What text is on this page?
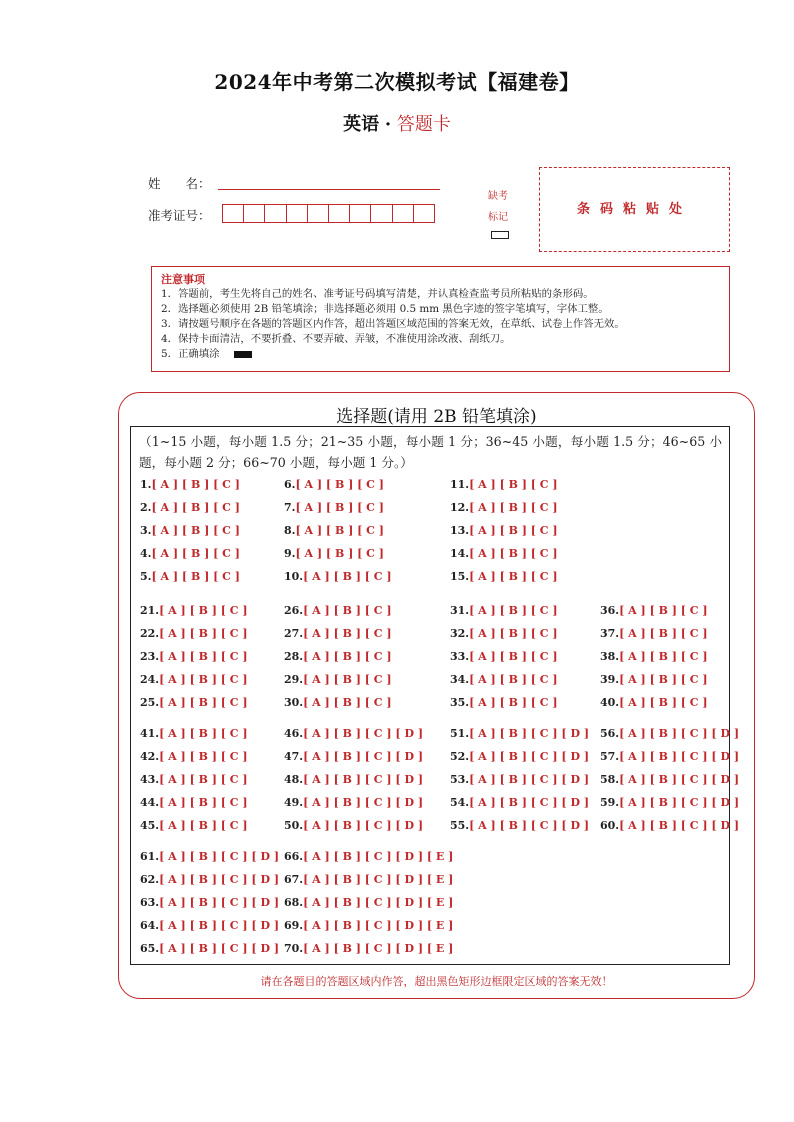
2024年中考第二次模拟考试【福建卷】
英语 · 答题卡
姓　　名：
准考证号：
缺考
标记
条码粘贴处
注意事项
1．答题前，考生先将自己的姓名、准考证号码填写清楚，并认真检查监考员所粘贴的条形码。
2．选择题必须使用 2B 铅笔填涂；非选择题必须用 0.5 mm 黑色字迹的签字笔填写，字体工整。
3．请按题号顺序在各题的答题区内作答，超出答题区域范围的答案无效，在草纸、试卷上作答无效。
4．保持卡面清洁，不要折叠、不要弄破、弄皱，不准使用涂改液、刮纸刀。
5．正确填涂
选择题(请用 2B 铅笔填涂)
（1~15 小题，每小题 1.5 分；21~35 小题，每小题 1 分；36~45 小题，每小题 1.5 分；46~65 小题，每小题 2 分；66~70 小题，每小题 1 分。）
1.[ A ] [ B ] [ C ]
2.[ A ] [ B ] [ C ]
3.[ A ] [ B ] [ C ]
4.[ A ] [ B ] [ C ]
5.[ A ] [ B ] [ C ]
6.[ A ] [ B ] [ C ]
7.[ A ] [ B ] [ C ]
8.[ A ] [ B ] [ C ]
9.[ A ] [ B ] [ C ]
10.[ A ] [ B ] [ C ]
11.[ A ] [ B ] [ C ]
12.[ A ] [ B ] [ C ]
13.[ A ] [ B ] [ C ]
14.[ A ] [ B ] [ C ]
15.[ A ] [ B ] [ C ]
21.[ A ] [ B ] [ C ]
22.[ A ] [ B ] [ C ]
23.[ A ] [ B ] [ C ]
24.[ A ] [ B ] [ C ]
25.[ A ] [ B ] [ C ]
26.[ A ] [ B ] [ C ]
27.[ A ] [ B ] [ C ]
28.[ A ] [ B ] [ C ]
29.[ A ] [ B ] [ C ]
30.[ A ] [ B ] [ C ]
31.[ A ] [ B ] [ C ]
32.[ A ] [ B ] [ C ]
33.[ A ] [ B ] [ C ]
34.[ A ] [ B ] [ C ]
35.[ A ] [ B ] [ C ]
36.[ A ] [ B ] [ C ]
37.[ A ] [ B ] [ C ]
38.[ A ] [ B ] [ C ]
39.[ A ] [ B ] [ C ]
40.[ A ] [ B ] [ C ]
41.[ A ] [ B ] [ C ]
42.[ A ] [ B ] [ C ]
43.[ A ] [ B ] [ C ]
44.[ A ] [ B ] [ C ]
45.[ A ] [ B ] [ C ]
46.[ A ] [ B ] [ C ] [ D ]
47.[ A ] [ B ] [ C ] [ D ]
48.[ A ] [ B ] [ C ] [ D ]
49.[ A ] [ B ] [ C ] [ D ]
50.[ A ] [ B ] [ C ] [ D ]
51.[ A ] [ B ] [ C ] [ D ]
52.[ A ] [ B ] [ C ] [ D ]
53.[ A ] [ B ] [ C ] [ D ]
54.[ A ] [ B ] [ C ] [ D ]
55.[ A ] [ B ] [ C ] [ D ]
56.[ A ] [ B ] [ C ] [ D ]
57.[ A ] [ B ] [ C ] [ D ]
58.[ A ] [ B ] [ C ] [ D ]
59.[ A ] [ B ] [ C ] [ D ]
60.[ A ] [ B ] [ C ] [ D ]
61.[ A ] [ B ] [ C ] [ D ]
62.[ A ] [ B ] [ C ] [ D ]
63.[ A ] [ B ] [ C ] [ D ]
64.[ A ] [ B ] [ C ] [ D ]
65.[ A ] [ B ] [ C ] [ D ]
66.[ A ] [ B ] [ C ] [ D ] [ E ]
67.[ A ] [ B ] [ C ] [ D ] [ E ]
68.[ A ] [ B ] [ C ] [ D ] [ E ]
69.[ A ] [ B ] [ C ] [ D ] [ E ]
70.[ A ] [ B ] [ C ] [ D ] [ E ]
请在各题目的答题区域内作答，超出黑色矩形边框限定区域的答案无效！
